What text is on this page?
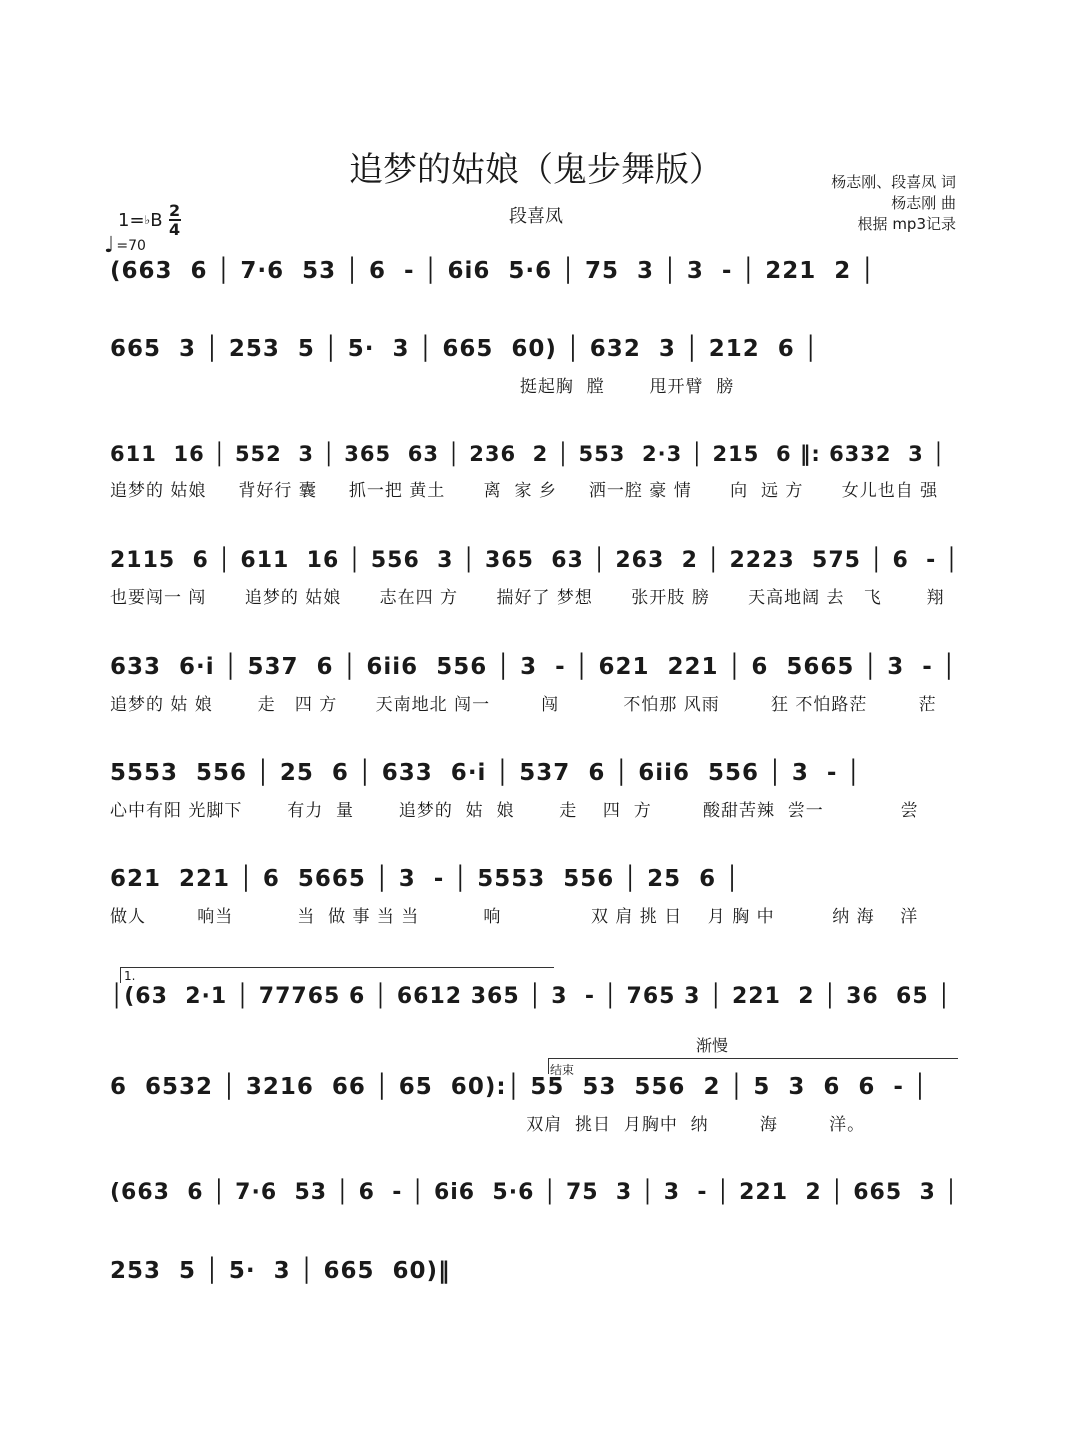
追梦的姑娘（鬼步舞版）
段喜凤
杨志刚、段喜凤 词
杨志刚 曲
根据 mp3记录
1= ♭ B 2
4
♩ =70
(663  6 │ 7·6  53 │ 6  - │ 6i6  5·6 │ 75  3 │ 3  - │ 221  2 │
665  3 │ 253  5 │ 5·  3 │ 665  60) │ 632  3 │ 212  6 │
挺起胸  膛       甩开臂  膀
611  16 │ 552  3 │ 365  63 │ 236  2 │ 553  2·3 │ 215  6 ‖: 6332  3 │
追梦的 姑娘     背好行 囊     抓一把 黄土      离  家 乡     洒一腔 豪 情      向  远 方      女儿也自 强
2115  6 │ 611  16 │ 556  3 │ 365  63 │ 263  2 │ 2223  575 │ 6  - │
也要闯一 闯      追梦的 姑娘      志在四 方      揣好了 梦想      张开肢 膀      天高地阔 去   飞       翔
633  6·i │ 537  6 │ 6ii6  556 │ 3  - │ 621  221 │ 6  5665 │ 3  - │
追梦的 姑 娘       走   四 方      天南地北 闯一        闯          不怕那 风雨        狂 不怕路茫        茫
5553  556 │ 25  6 │ 633  6·i │ 537  6 │ 6ii6  556 │ 3  - │
心中有阳 光脚下       有力  量       追梦的  姑  娘       走    四  方        酸甜苦辣  尝一            尝
621  221 │ 6  5665 │ 3  - │ 5553  556 │ 25  6 │
做人        响当          当  做 事 当 当          响              双 肩 挑 日    月 胸 中         纳 海    洋
1.
│(63  2·1 │ 77765 6 │ 6612 365 │ 3  - │ 765 3 │ 221  2 │ 36  65 │
渐慢
结束
6  6532 │ 3216  66 │ 65  60):│ 55  53  556  2 │ 5  3  6  6  - │
双肩  挑日  月胸中  纳        海        洋。
(663  6 │ 7·6  53 │ 6  - │ 6i6  5·6 │ 75  3 │ 3  - │ 221  2 │ 665  3 │
253  5 │ 5·  3 │ 665  60)‖
